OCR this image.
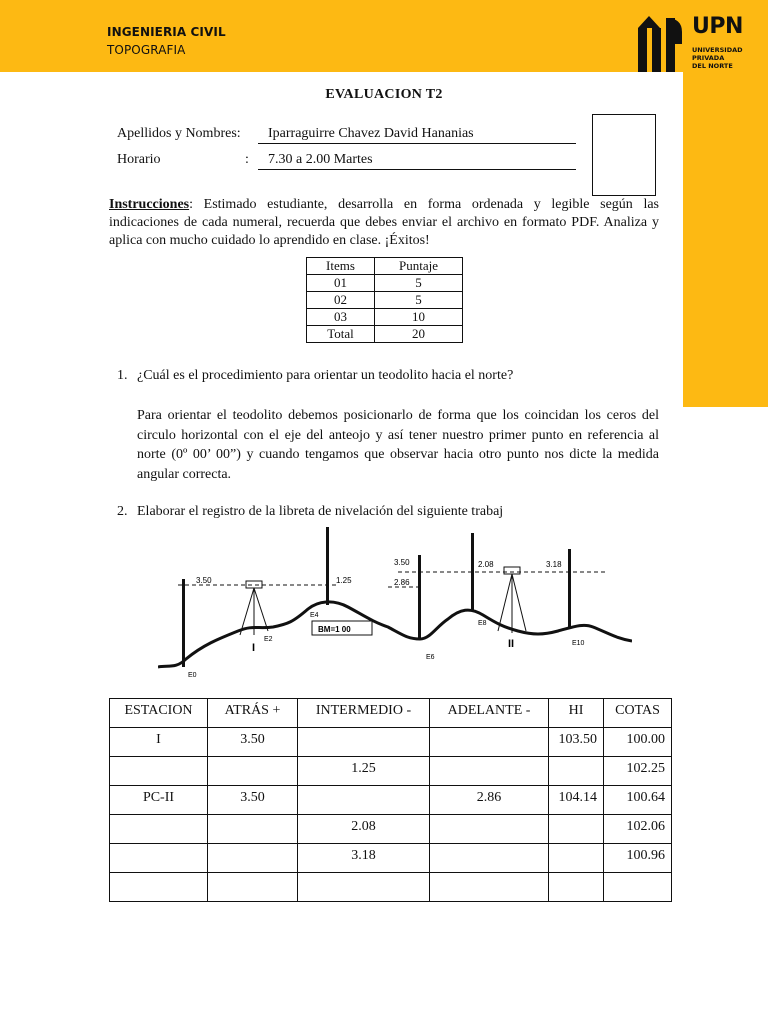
INGENIERIA CIVIL
TOPOGRAFIA
UPN
UNIVERSIDAD
PRIVADA
DEL NORTE
EVALUACION T2
Apellidos y Nombres:	Iparraguirre Chavez David Hananias
Horario	:	7.30 a 2.00 Martes
Instrucciones: Estimado estudiante, desarrolla en forma ordenada y legible según las indicaciones de cada numeral, recuerda que debes enviar el archivo en formato PDF. Analiza y aplica con mucho cuidado lo aprendido en clase. ¡Éxitos!
Items	Puntaje
01	5
02	5
03	10
Total	20
1. ¿Cuál es el procedimiento para orientar un teodolito hacia el norte?
Para orientar el teodolito debemos posicionarlo de forma que los coincidan los ceros del circulo horizontal con el eje del anteojo y así tener nuestro primer punto en referencia al norte (0º 00’ 00”) y cuando tengamos que observar hacia otro punto nos dicte la medida angular correcta.
2. Elaborar el registro de la libreta de nivelación del siguiente trabaj
BM=1 00
3.50	1.25
3.50
2.86
2.08	3.18
E0
E2
E4
E6
E8
E10
I	II
ESTACION	ATRÁS +	INTERMEDIO -	ADELANTE -	HI	COTAS
I	3.50			103.50	100.00
		1.25			102.25
PC-II	3.50		2.86	104.14	100.64
		2.08			102.06
		3.18			100.96
